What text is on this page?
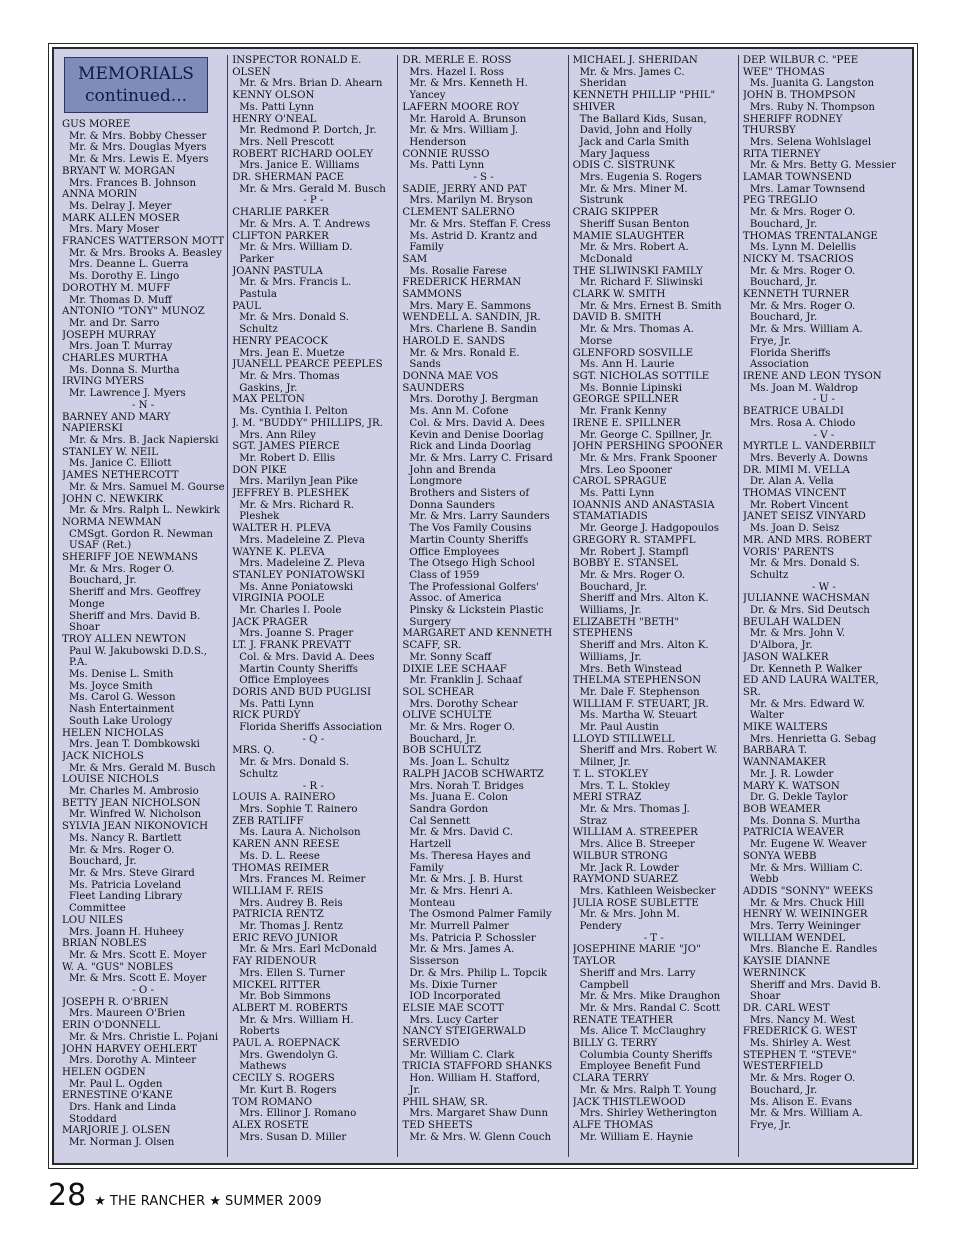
MEMORIALS
continued...
GUS MOREE
Mr. & Mrs. Bobby Chesser
Mr. & Mrs. Douglas Myers
Mr. & Mrs. Lewis E. Myers
BRYANT W. MORGAN
Mrs. Frances B. Johnson
ANNA MORIN
Ms. Delray J. Meyer
MARK ALLEN MOSER
Mrs. Mary Moser
FRANCES WATTERSON MOTT
Mr. & Mrs. Brooks A. Beasley
Mrs. Deanne L. Guerra
Ms. Dorothy E. Lingo
DOROTHY M. MUFF
Mr. Thomas D. Muff
ANTONIO "TONY" MUNOZ
Mr. and Dr. Sarro
JOSEPH MURRAY
Mrs. Joan T. Murray
CHARLES MURTHA
Ms. Donna S. Murtha
IRVING MYERS
Mr. Lawrence J. Myers
- N -
BARNEY AND MARY
NAPIERSKI
Mr. & Mrs. B. Jack Napierski
STANLEY W. NEIL
Ms. Janice C. Elliott
JAMES NETHERCOTT
Mr. & Mrs. Samuel M. Gourse
JOHN C. NEWKIRK
Mr. & Mrs. Ralph L. Newkirk
NORMA NEWMAN
CMSgt. Gordon R. Newman
USAF (Ret.)
SHERIFF JOE NEWMANS
Mr. & Mrs. Roger O.
Bouchard, Jr.
Sheriff and Mrs. Geoffrey
Monge
Sheriff and Mrs. David B.
Shoar
TROY ALLEN NEWTON
Paul W. Jakubowski D.D.S.,
P.A.
Ms. Denise L. Smith
Ms. Joyce Smith
Ms. Carol G. Wesson
Nash Entertainment
South Lake Urology
HELEN NICHOLAS
Mrs. Jean T. Dombkowski
JACK NICHOLS
Mr. & Mrs. Gerald M. Busch
LOUISE NICHOLS
Mr. Charles M. Ambrosio
BETTY JEAN NICHOLSON
Mr. Winfred W. Nicholson
SYLVIA JEAN NIKONOVICH
Ms. Nancy R. Bartlett
Mr. & Mrs. Roger O.
Bouchard, Jr.
Mr. & Mrs. Steve Girard
Ms. Patricia Loveland
Fleet Landing Library
Committee
LOU NILES
Mrs. Joann H. Huheey
BRIAN NOBLES
Mr. & Mrs. Scott E. Moyer
W. A. "GUS" NOBLES
Mr. & Mrs. Scott E. Moyer
- O -
JOSEPH R. O'BRIEN
Mrs. Maureen O'Brien
ERIN O'DONNELL
Mr. & Mrs. Christie L. Pojani
JOHN HARVEY OEHLERT
Mrs. Dorothy A. Minteer
HELEN OGDEN
Mr. Paul L. Ogden
ERNESTINE O'KANE
Drs. Hank and Linda
Stoddard
MARJORIE J. OLSEN
Mr. Norman J. Olsen
INSPECTOR RONALD E.
OLSEN
Mr. & Mrs. Brian D. Ahearn
KENNY OLSON
Ms. Patti Lynn
HENRY O'NEAL
Mr. Redmond P. Dortch, Jr.
Mrs. Nell Prescott
ROBERT RICHARD OOLEY
Mrs. Janice E. Williams
DR. SHERMAN PACE
Mr. & Mrs. Gerald M. Busch
- P -
CHARLIE PARKER
Mr. & Mrs. A. T. Andrews
CLIFTON PARKER
Mr. & Mrs. William D.
Parker
JOANN PASTULA
Mr. & Mrs. Francis L.
Pastula
PAUL
Mr. & Mrs. Donald S.
Schultz
HENRY PEACOCK
Mrs. Jean E. Muetze
JUANELL PEARCE PEEPLES
Mr. & Mrs. Thomas
Gaskins, Jr.
MAX PELTON
Ms. Cynthia I. Pelton
J. M. "BUDDY" PHILLIPS, JR.
Mrs. Ann Riley
SGT. JAMES PIERCE
Mr. Robert D. Ellis
DON PIKE
Mrs. Marilyn Jean Pike
JEFFREY B. PLESHEK
Mr. & Mrs. Richard R.
Pleshek
WALTER H. PLEVA
Mrs. Madeleine Z. Pleva
WAYNE K. PLEVA
Mrs. Madeleine Z. Pleva
STANLEY PONIATOWSKI
Ms. Anne Poniatowski
VIRGINIA POOLE
Mr. Charles I. Poole
JACK PRAGER
Mrs. Joanne S. Prager
LT. J. FRANK PREVATT
Col. & Mrs. David A. Dees
Martin County Sheriffs
Office Employees
DORIS AND BUD PUGLISI
Ms. Patti Lynn
RICK PURDY
Florida Sheriffs Association
- Q -
MRS. Q.
Mr. & Mrs. Donald S.
Schultz
- R -
LOUIS A. RAINERO
Mrs. Sophie T. Rainero
ZEB RATLIFF
Ms. Laura A. Nicholson
KAREN ANN REESE
Ms. D. L. Reese
THOMAS REIMER
Mrs. Frances M. Reimer
WILLIAM F. REIS
Mrs. Audrey B. Reis
PATRICIA RENTZ
Mr. Thomas J. Rentz
ERIC REVO JUNIOR
Mr. & Mrs. Earl McDonald
FAY RIDENOUR
Mrs. Ellen S. Turner
MICKEL RITTER
Mr. Bob Simmons
ALBERT M. ROBERTS
Mr. & Mrs. William H.
Roberts
PAUL A. ROEPNACK
Mrs. Gwendolyn G.
Mathews
CECILY S. ROGERS
Mr. Kurt B. Rogers
TOM ROMANO
Mrs. Ellinor J. Romano
ALEX ROSETE
Mrs. Susan D. Miller
DR. MERLE E. ROSS
Mrs. Hazel I. Ross
Mr. & Mrs. Kenneth H.
Yancey
LAFERN MOORE ROY
Mr. Harold A. Brunson
Mr. & Mrs. William J.
Henderson
CONNIE RUSSO
Ms. Patti Lynn
- S -
SADIE, JERRY AND PAT
Mrs. Marilyn M. Bryson
CLEMENT SALERNO
Mr. & Mrs. Steffan F. Cress
Ms. Astrid D. Krantz and
Family
SAM
Ms. Rosalie Farese
FREDERICK HERMAN
SAMMONS
Mrs. Mary E. Sammons
WENDELL A. SANDIN, JR.
Mrs. Charlene B. Sandin
HAROLD E. SANDS
Mr. & Mrs. Ronald E.
Sands
DONNA MAE VOS
SAUNDERS
Mrs. Dorothy J. Bergman
Ms. Ann M. Cofone
Col. & Mrs. David A. Dees
Kevin and Denise Doorlag
Rick and Linda Doorlag
Mr. & Mrs. Larry C. Frisard
John and Brenda
Longmore
Brothers and Sisters of
Donna Saunders
Mr. & Mrs. Larry Saunders
The Vos Family Cousins
Martin County Sheriffs
Office Employees
The Otsego High School
Class of 1959
The Professional Golfers'
Assoc. of America
Pinsky & Lickstein Plastic
Surgery
MARGARET AND KENNETH
SCAFF, SR.
Mr. Sonny Scaff
DIXIE LEE SCHAAF
Mr. Franklin J. Schaaf
SOL SCHEAR
Mrs. Dorothy Schear
OLIVE SCHULTE
Mr. & Mrs. Roger O.
Bouchard, Jr.
BOB SCHULTZ
Ms. Joan L. Schultz
RALPH JACOB SCHWARTZ
Mrs. Norah T. Bridges
Ms. Juana E. Colon
Sandra Gordon
Cal Sennett
Mr. & Mrs. David C.
Hartzell
Ms. Theresa Hayes and
Family
Mr. & Mrs. J. B. Hurst
Mr. & Mrs. Henri A.
Monteau
The Osmond Palmer Family
Mr. Murrell Palmer
Ms. Patricia P. Schossler
Mr. & Mrs. James A.
Sisserson
Dr. & Mrs. Philip L. Topcik
Ms. Dixie Turner
IOD Incorporated
ELSIE MAE SCOTT
Mrs. Lucy Carter
NANCY STEIGERWALD
SERVEDIO
Mr. William C. Clark
TRICIA STAFFORD SHANKS
Hon. William H. Stafford,
Jr.
PHIL SHAW, SR.
Mrs. Margaret Shaw Dunn
TED SHEETS
Mr. & Mrs. W. Glenn Couch
MICHAEL J. SHERIDAN
Mr. & Mrs. James C.
Sheridan
KENNETH PHILLIP "PHIL"
SHIVER
The Ballard Kids, Susan,
David, John and Holly
Jack and Carla Smith
Mary Jaquess
ODIS C. SISTRUNK
Mrs. Eugenia S. Rogers
Mr. & Mrs. Miner M.
Sistrunk
CRAIG SKIPPER
Sheriff Susan Benton
MAMIE SLAUGHTER
Mr. & Mrs. Robert A.
McDonald
THE SLIWINSKI FAMILY
Mr. Richard F. Sliwinski
CLARK W. SMITH
Mr. & Mrs. Ernest B. Smith
DAVID B. SMITH
Mr. & Mrs. Thomas A.
Morse
GLENFORD SOSVILLE
Ms. Ann H. Laurie
SGT. NICHOLAS SOTTILE
Ms. Bonnie Lipinski
GEORGE SPILLNER
Mr. Frank Kenny
IRENE E. SPILLNER
Mr. George C. Spillner, Jr.
JOHN PERSHING SPOONER
Mr. & Mrs. Frank Spooner
Mrs. Leo Spooner
CAROL SPRAGUE
Ms. Patti Lynn
IOANNIS AND ANASTASIA
STAMATIADIS
Mr. George J. Hadgopoulos
GREGORY R. STAMPFL
Mr. Robert J. Stampfl
BOBBY E. STANSEL
Mr. & Mrs. Roger O.
Bouchard, Jr.
Sheriff and Mrs. Alton K.
Williams, Jr.
ELIZABETH "BETH"
STEPHENS
Sheriff and Mrs. Alton K.
Williams, Jr.
Mrs. Beth Winstead
THELMA STEPHENSON
Mr. Dale F. Stephenson
WILLIAM F. STEUART, JR.
Ms. Martha W. Steuart
Mr. Paul Austin
LLOYD STILLWELL
Sheriff and Mrs. Robert W.
Milner, Jr.
T. L. STOKLEY
Mrs. T. L. Stokley
MERI STRAZ
Mr. & Mrs. Thomas J.
Straz
WILLIAM A. STREEPER
Mrs. Alice B. Streeper
WILBUR STRONG
Mr. Jack R. Lowder
RAYMOND SUAREZ
Mrs. Kathleen Weisbecker
JULIA ROSE SUBLETTE
Mr. & Mrs. John M.
Pendery
- T -
JOSEPHINE MARIE "JO"
TAYLOR
Sheriff and Mrs. Larry
Campbell
Mr. & Mrs. Mike Draughon
Mr. & Mrs. Randal C. Scott
RENATE TEATHER
Ms. Alice T. McClaughry
BILLY G. TERRY
Columbia County Sheriffs
Employee Benefit Fund
CLARA TERRY
Mr. & Mrs. Ralph T. Young
JACK THISTLEWOOD
Mrs. Shirley Wetherington
ALFE THOMAS
Mr. William E. Haynie
DEP. WILBUR C. "PEE
WEE" THOMAS
Ms. Juanita G. Langston
JOHN B. THOMPSON
Mrs. Ruby N. Thompson
SHERIFF RODNEY
THURSBY
Mrs. Selena Wohlslagel
RITA TIERNEY
Mr. & Mrs. Betty G. Messier
LAMAR TOWNSEND
Mrs. Lamar Townsend
PEG TREGLIO
Mr. & Mrs. Roger O.
Bouchard, Jr.
THOMAS TRENTALANGE
Ms. Lynn M. Delellis
NICKY M. TSACRIOS
Mr. & Mrs. Roger O.
Bouchard, Jr.
KENNETH TURNER
Mr. & Mrs. Roger O.
Bouchard, Jr.
Mr. & Mrs. William A.
Frye, Jr.
Florida Sheriffs
Association
IRENE AND LEON TYSON
Ms. Joan M. Waldrop
- U -
BEATRICE UBALDI
Mrs. Rosa A. Chiodo
- V -
MYRTLE L. VANDERBILT
Mrs. Beverly A. Downs
DR. MIMI M. VELLA
Dr. Alan A. Vella
THOMAS VINCENT
Mr. Robert Vincent
JANET SEISZ VINYARD
Ms. Joan D. Seisz
MR. AND MRS. ROBERT
VORIS' PARENTS
Mr. & Mrs. Donald S.
Schultz
- W -
JULIANNE WACHSMAN
Dr. & Mrs. Sid Deutsch
BEULAH WALDEN
Mr. & Mrs. John V.
D'Albora, Jr.
JASON WALKER
Dr. Kenneth P. Walker
ED AND LAURA WALTER,
SR.
Mr. & Mrs. Edward W.
Walter
MIKE WALTERS
Mrs. Henrietta G. Sebag
BARBARA T.
WANNAMAKER
Mr. J. R. Lowder
MARY K. WATSON
Dr. G. Dekle Taylor
BOB WEAMER
Ms. Donna S. Murtha
PATRICIA WEAVER
Mr. Eugene W. Weaver
SONYA WEBB
Mr. & Mrs. William C.
Webb
ADDIS "SONNY" WEEKS
Mr. & Mrs. Chuck Hill
HENRY W. WEININGER
Mrs. Terry Weininger
WILLIAM WENDEL
Mrs. Blanche E. Randles
KAYSIE DIANNE
WERNINCK
Sheriff and Mrs. David B.
Shoar
DR. CARL WEST
Mrs. Nancy M. West
FREDERICK G. WEST
Ms. Shirley A. West
STEPHEN T. "STEVE"
WESTERFIELD
Mr. & Mrs. Roger O.
Bouchard, Jr.
Ms. Alison E. Evans
Mr. & Mrs. William A.
Frye, Jr.
28 ★ THE RANCHER ★ SUMMER 2009
